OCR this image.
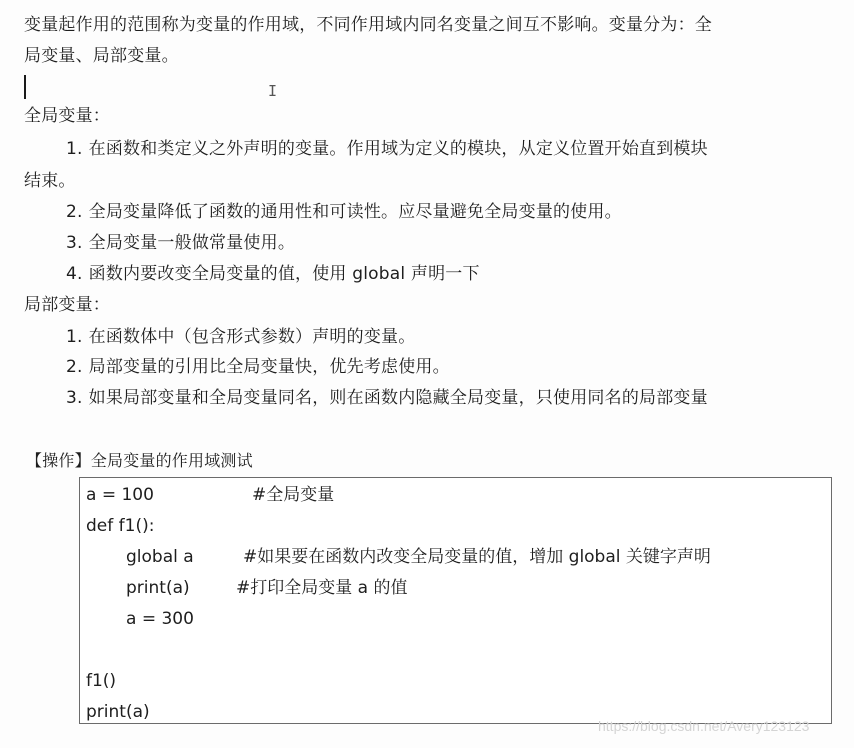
变量起作用的范围称为变量的作用域，不同作用域内同名变量之间互不影响。变量分为：全
局变量、局部变量。
I
全局变量：
1. 在函数和类定义之外声明的变量。作用域为定义的模块，从定义位置开始直到模块
结束。
2. 全局变量降低了函数的通用性和可读性。应尽量避免全局变量的使用。
3. 全局变量一般做常量使用。
4. 函数内要改变全局变量的值，使用 global 声明一下
局部变量：
1. 在函数体中（包含形式参数）声明的变量。
2. 局部变量的引用比全局变量快，优先考虑使用。
3. 如果局部变量和全局变量同名，则在函数内隐藏全局变量，只使用同名的局部变量
【操作】全局变量的作用域测试
a = 100	#全局变量
def f1():
global a	#如果要在函数内改变全局变量的值，增加 global 关键字声明
print(a)	#打印全局变量 a 的值
a = 300
f1()
print(a)
https://blog.csdn.net/Avery123123
